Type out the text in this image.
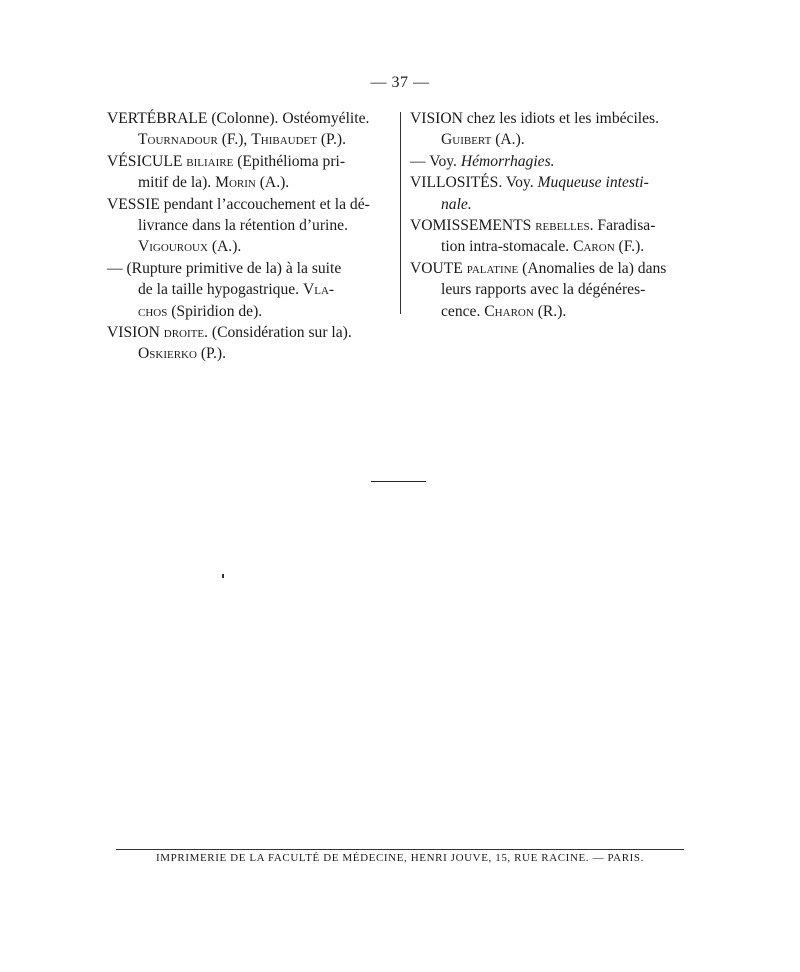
— 37 —
VERTÉBRALE (Colonne). Ostéomyélite.
Tournadour (F.), Thibaudet (P.).
VÉSICULE biliaire (Epithélioma pri-
mitif de la). Morin (A.).
VESSIE pendant l’accouchement et la dé-
livrance dans la rétention d’urine.
Vigouroux (A.).
— (Rupture primitive de la) à la suite
de la taille hypogastrique. Vla-
chos (Spiridion de).
VISION droite. (Considération sur la).
Oskierko (P.).
VISION chez les idiots et les imbéciles.
Guibert (A.).
— Voy. Hémorrhagies.
VILLOSITÉS. Voy. Muqueuse intesti-
nale.
VOMISSEMENTS rebelles. Faradisa-
tion intra-stomacale. Caron (F.).
VOUTE palatine (Anomalies de la) dans
leurs rapports avec la dégénéres-
cence. Charon (R.).
IMPRIMERIE DE LA FACULTÉ DE MÉDECINE, HENRI JOUVE, 15, RUE RACINE. — PARIS.
